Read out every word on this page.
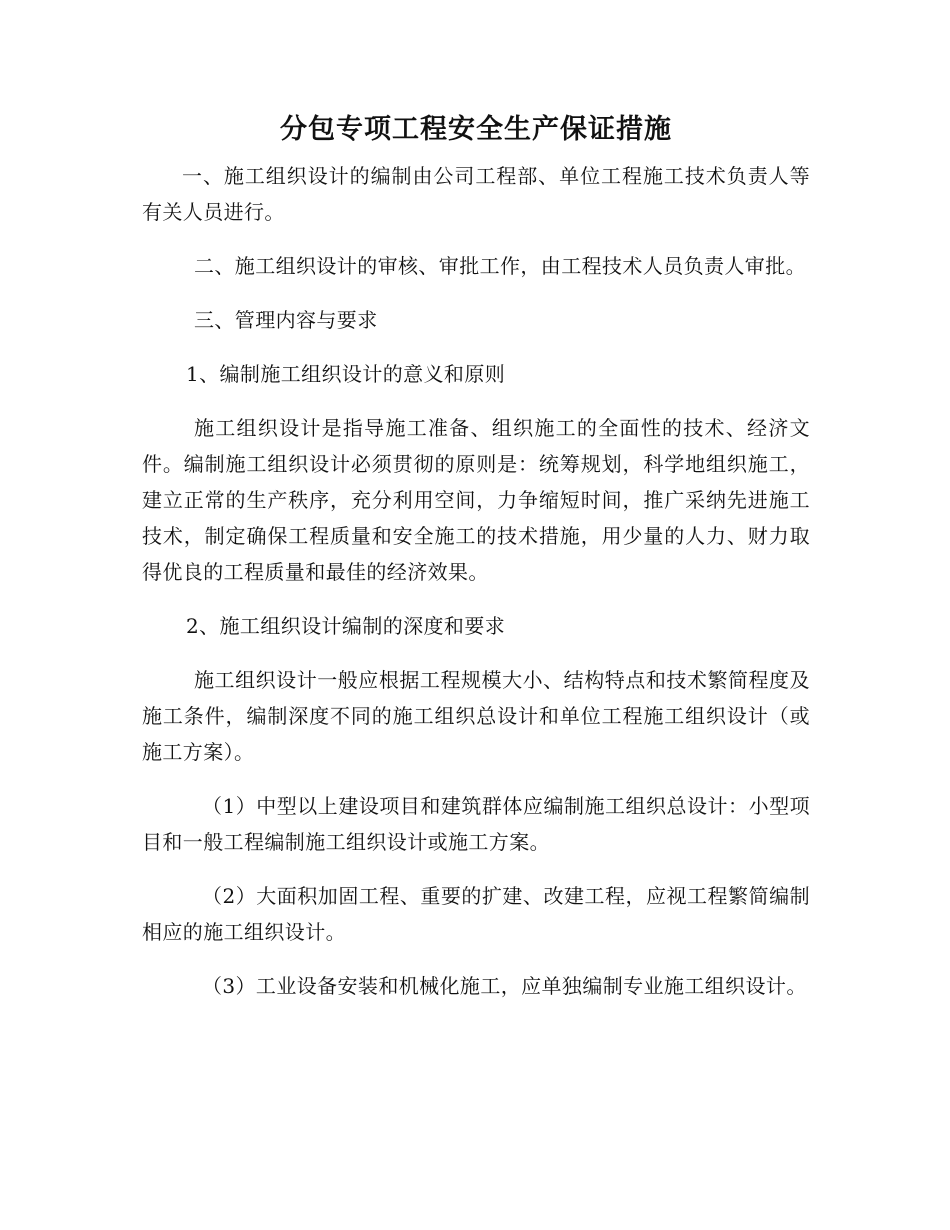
分包专项工程安全生产保证措施

一、施工组织设计的编制由公司工程部、单位工程施工技术负责人等有关人员进行。

二、施工组织设计的审核、审批工作，由工程技术人员负责人审批。

三、管理内容与要求

1、编制施工组织设计的意义和原则

施工组织设计是指导施工准备、组织施工的全面性的技术、经济文件。编制施工组织设计必须贯彻的原则是：统筹规划，科学地组织施工，建立正常的生产秩序，充分利用空间，力争缩短时间，推广采纳先进施工技术，制定确保工程质量和安全施工的技术措施，用少量的人力、财力取得优良的工程质量和最佳的经济效果。

2、施工组织设计编制的深度和要求

施工组织设计一般应根据工程规模大小、结构特点和技术繁简程度及施工条件，编制深度不同的施工组织总设计和单位工程施工组织设计（或施工方案）。

（1）中型以上建设项目和建筑群体应编制施工组织总设计：小型项目和一般工程编制施工组织设计或施工方案。

（2）大面积加固工程、重要的扩建、改建工程，应视工程繁简编制相应的施工组织设计。

（3）工业设备安装和机械化施工，应单独编制专业施工组织设计。
